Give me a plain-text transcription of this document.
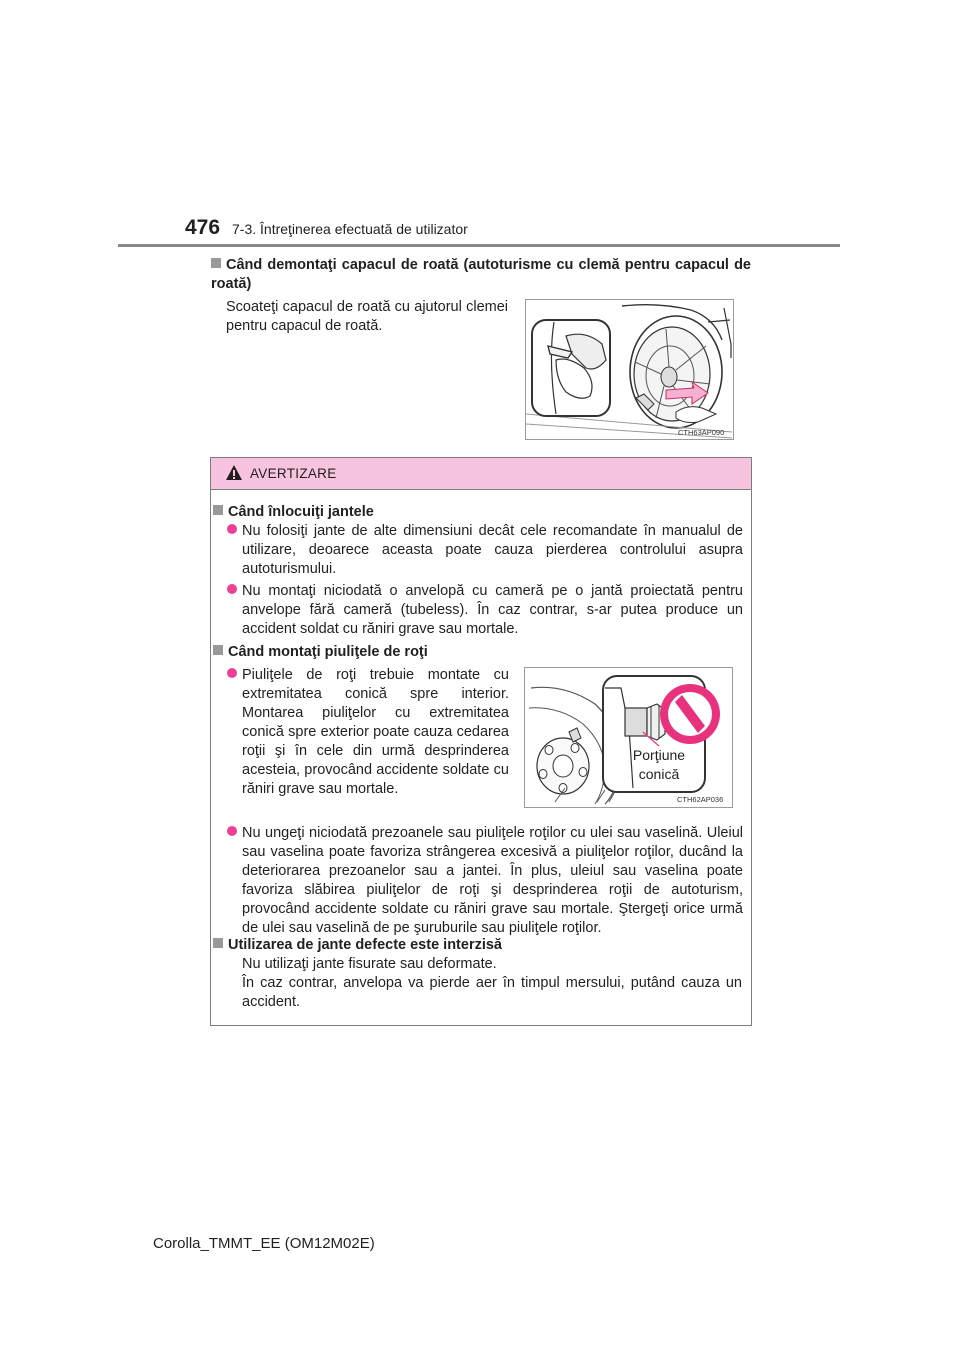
476 7-3. Întreţinerea efectuată de utilizator
Când demontaţi capacul de roată (autoturisme cu clemă pentru capacul de roată)
Scoateţi capacul de roată cu ajutorul clemei pentru capacul de roată.
CTH63AP090
AVERTIZARE
Când înlocuiţi jantele
Nu folosiţi jante de alte dimensiuni decât cele recomandate în manualul de utilizare, deoarece aceasta poate cauza pierderea controlului asupra autoturismului.
Nu montaţi niciodată o anvelopă cu cameră pe o jantă proiectată pentru anvelope fără cameră (tubeless). În caz contrar, s-ar putea produce un accident soldat cu răniri grave sau mortale.
Când montaţi piuliţele de roţi
Piuliţele de roţi trebuie montate cu extremitatea conică spre interior. Montarea piuliţelor cu extremitatea conică spre exterior poate cauza cedarea roţii şi în cele din urmă desprinderea acesteia, provocând accidente soldate cu răniri grave sau mortale.
Porţiune
conică
CTH62AP036
Nu ungeţi niciodată prezoanele sau piuliţele roţilor cu ulei sau vaselină. Uleiul sau vaselina poate favoriza strângerea excesivă a piuliţelor roţilor, ducând la deteriorarea prezoanelor sau a jantei. În plus, uleiul sau vaselina poate favoriza slăbirea piuliţelor de roţi şi desprinderea roţii de autoturism, provocând accidente soldate cu răniri grave sau mortale. Ştergeţi orice urmă de ulei sau vaselină de pe şuruburile sau piuliţele roţilor.
Utilizarea de jante defecte este interzisă
Nu utilizaţi jante fisurate sau deformate.
În caz contrar, anvelopa va pierde aer în timpul mersului, putând cauza un accident.
Corolla_TMMT_EE (OM12M02E)
